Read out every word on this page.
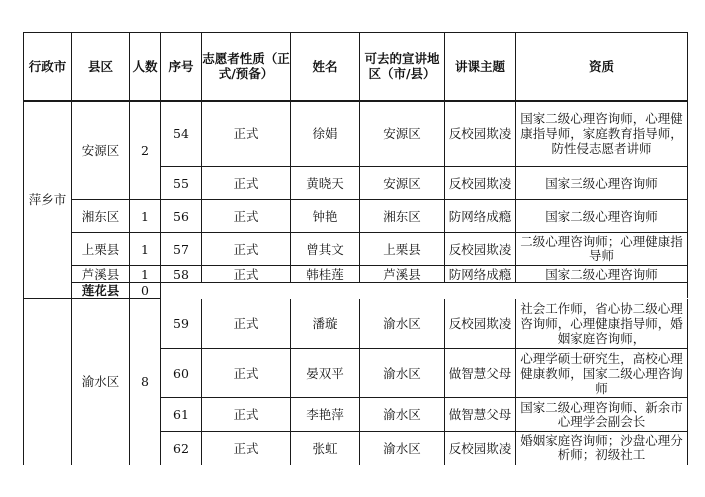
行政市	县区	人数	序号	志愿者性质（正式/预备）	姓名	可去的宣讲地区（市/县）	讲课主题	资质
萍乡市	安源区	2	54	正式	徐娟	安源区	反校园欺凌	国家二级心理咨询师，心理健康指导师，家庭教育指导师，防性侵志愿者讲师
			55	正式	黄晓天	安源区	反校园欺凌	国家三级心理咨询师
	湘东区	1	56	正式	钟艳	湘东区	防网络成瘾	国家二级心理咨询师
	上栗县	1	57	正式	曾其文	上栗县	反校园欺凌	二级心理咨询师；心理健康指导师
	芦溪县	1	58	正式	韩桂莲	芦溪县	防网络成瘾	国家二级心理咨询师
	莲花县	0						
	渝水区	8	59	正式	潘璇	渝水区	反校园欺凌	社会工作师，省心协二级心理咨询师，心理健康指导师，婚姻家庭咨询师，
			60	正式	晏双平	渝水区	做智慧父母	心理学硕士研究生，高校心理健康教师，国家二级心理咨询师
			61	正式	李艳萍	渝水区	做智慧父母	国家二级心理咨询师、新余市心理学会副会长
			62	正式	张虹	渝水区	反校园欺凌	婚姻家庭咨询师；沙盘心理分析师；初级社工
